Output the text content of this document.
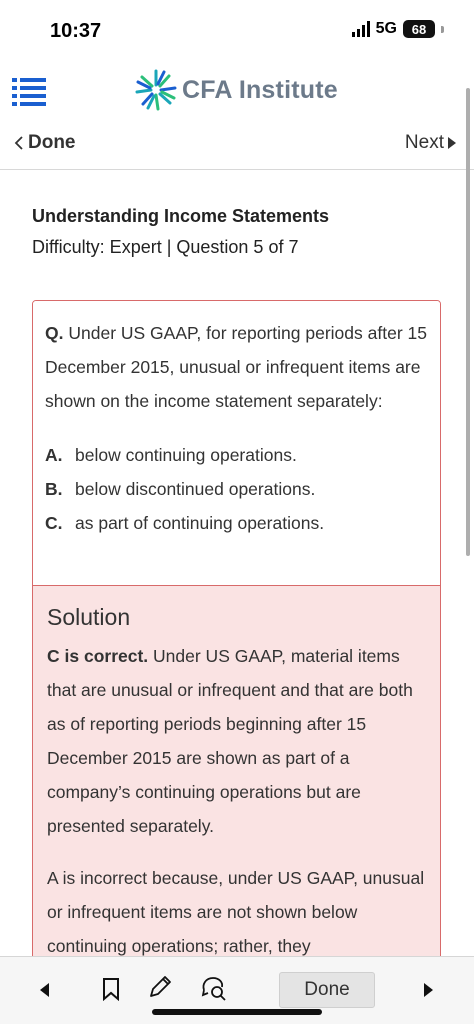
10:37	5G 68
CFA Institute
Done	Next
Understanding Income Statements
Difficulty: Expert | Question 5 of 7
Q. Under US GAAP, for reporting periods after 15 December 2015, unusual or infrequent items are shown on the income statement separately:
A. below continuing operations.
B. below discontinued operations.
C. as part of continuing operations.
Solution
C is correct. Under US GAAP, material items that are unusual or infrequent and that are both as of reporting periods beginning after 15 December 2015 are shown as part of a company’s continuing operations but are presented separately.
A is incorrect because, under US GAAP, unusual or infrequent items are not shown below continuing operations; rather, they
Done
